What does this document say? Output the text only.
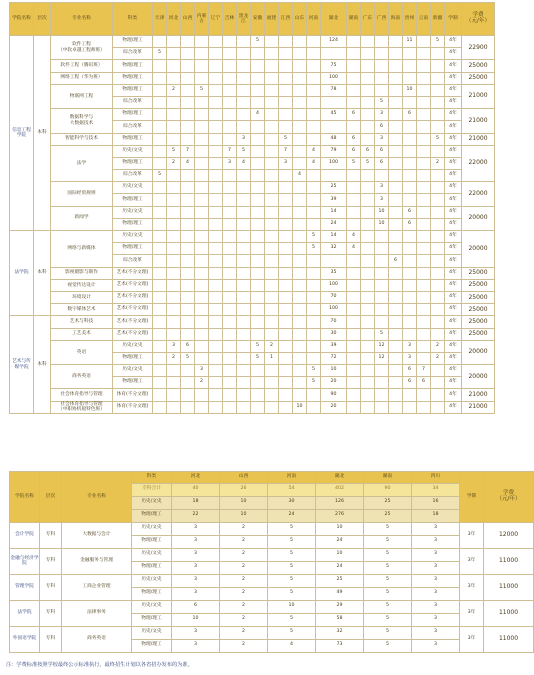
学院名称	层次	专业名称	科类	天津	河北	山西	内蒙古	辽宁	吉林	黑龙江	安徽	福建	江西	山东	河南	湖北	湖南	广东	广西	海南	贵州	云南	新疆	学制	学费
（元/年）
信息工程学院	本科	软件工程
（中软卓越工程师班）	物理/理工								5					124					11		5	4年	22900
			综合改革	5																				4年	
		软件工程（腾讯班）	物理/理工													75								4年	25000
		网络工程（华为班）	物理/理工													100								4年	25000
		物联网工程	物理/理工		2		5									78					10			4年	21000
			综合改革																5					4年	
		数据科学与
大数据技术	物理/理工								4					45	6		3		6			4年	21000
			综合改革																6					4年	
		智能科学与技术	物理/理工							3			5			48	6		3				5	4年	21000
		法学	历史/文史		5	7			7	5			7		4	79	6	6	6					4年	22000
			物理/理工		2	4			3	4			3		4	100	5	5	6				2	4年	
			综合改革	5										4										4年	
		国际经贸规则	历史/文史													25			3					4年	22000
			物理/理工													39			3					4年	
		新闻学	历史/文史													14			10		6			4年	20000
			物理/理工													24			10		6			4年	
法学院	本科	网络与新媒体	历史/文史												5	14	4							4年	20000
			物理/理工												5	32	4							4年	
			综合改革																	6				4年	
		影视摄影与制作	艺术(不分文理)													35								4年	25000
		视觉传达设计	艺术(不分文理)													100								4年	25000
		环境设计	艺术(不分文理)													70								4年	25000
		数字媒体艺术	艺术(不分文理)													100								4年	25000
艺术与传媒学院	本科	艺术与科技	艺术(不分文理)													70								4年	25000
		工艺美术	艺术(不分文理)													30			5					4年	25000
		英语	历史/文史		3	6					5	2				39			12		3		2	4年	20000
			物理/理工		2	5					5	1				72			12		3		2	4年	
		商务英语	历史/文史				3								5	10					6	7		4年	20000
			物理/理工				2								5	20					6	6		4年	
		社会体育指导与管理	体育(不分文理)													90								4年	21000
		社会体育指导与管理
（中职协机船特色班）	体育(不分文理)											10		20								4年	21000
学院名称	层次	专业名称	科类	河北	山西	河南	湖北	湖南	四川	学制	学费
（元/年）
			专科合计	40	26	54	402	90	34		
			历史/文史	18	10	30	126	25	16		
			物理/理工	22	10	24	276	25	18		
会计学院	专科	大数据与会计	历史/文史	3	2	5	10	5	3	3年	12000
			物理/理工	3	2	5	24	5	3		
金融与经济学院	专科	金融服务与管理	历史/文史	3	2	5	10	5	3	3年	11000
			物理/理工	3	2	5	24	5	3		
管理学院	专科	工商企业管理	历史/文史	3	2	5	25	5	3	3年	11000
			物理/理工	3	2	5	49	5	3		
法学院	专科	法律事务	历史/文史	6	2	10	29	5	3	3年	11000
			物理/理工	10	2	5	58	5	3		
外国语学院	专科	商务英语	历史/文史	3	2	5	32	5	3	3年	11000
			物理/理工	3	2	4	73	5	3		
注：学费标准按照学校最终公示标准执行，最终招生计划以各省招办发布的为准。
